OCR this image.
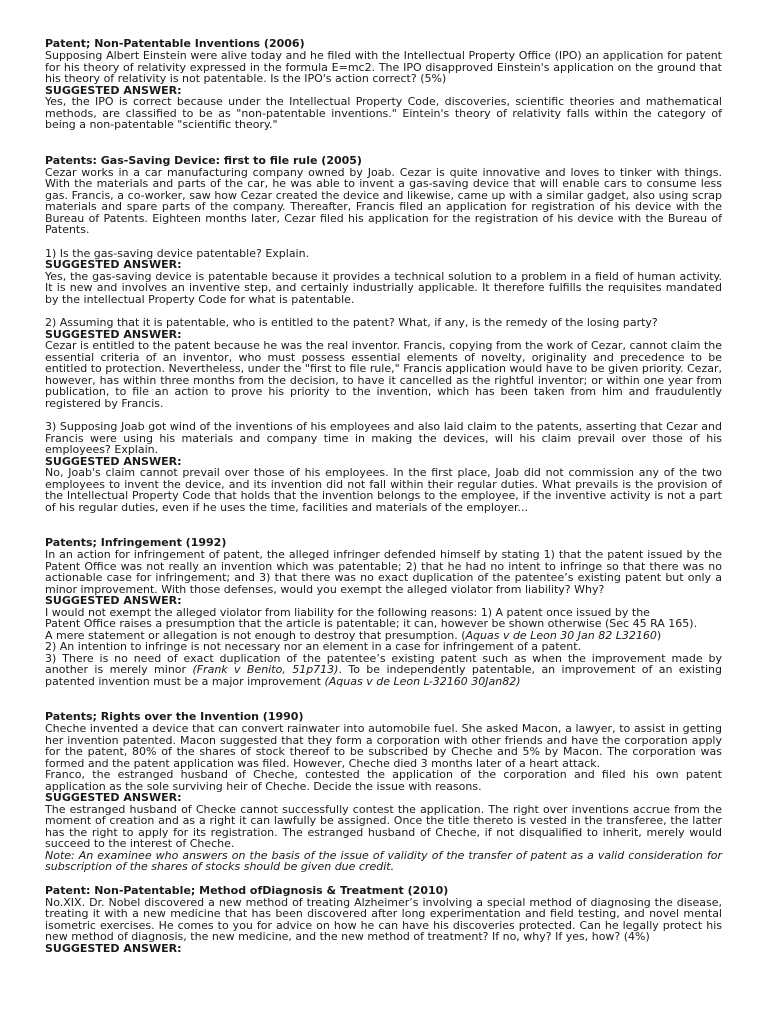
Patent; Non-Patentable Inventions (2006)

Supposing Albert Einstein were alive today and he filed with the Intellectual Property Office (IPO) an application for patent for his theory of relativity expressed in the formula E=mc2. The IPO disapproved Einstein's application on the ground that his theory of relativity is not patentable. Is the IPO's action correct? (5%)

SUGGESTED ANSWER:

Yes, the IPO is correct because under the Intellectual Property Code, discoveries, scientific theories and mathematical methods, are classified to be as "non-patentable inventions." Eintein's theory of relativity falls within the category of being a non-patentable "scientific theory."

Patents: Gas-Saving Device: first to file rule (2005)

Cezar works in a car manufacturing company owned by Joab. Cezar is quite innovative and loves to tinker with things. With the materials and parts of the car, he was able to invent a gas-saving device that will enable cars to consume less gas. Francis, a co-worker, saw how Cezar created the device and likewise, came up with a similar gadget, also using scrap materials and spare parts of the company. Thereafter, Francis filed an application for registration of his device with the Bureau of Patents. Eighteen months later, Cezar filed his application for the registration of his device with the Bureau of Patents.

1) Is the gas-saving device patentable? Explain.

SUGGESTED ANSWER:

Yes, the gas-saving device is patentable because it provides a technical solution to a problem in a field of human activity. It is new and involves an inventive step, and certainly industrially applicable. It therefore fulfills the requisites mandated by the intellectual Property Code for what is patentable.

2) Assuming that it is patentable, who is entitled to the patent? What, if any, is the remedy of the losing party?

SUGGESTED ANSWER:

Cezar is entitled to the patent because he was the real inventor. Francis, copying from the work of Cezar, cannot claim the essential criteria of an inventor, who must possess essential elements of novelty, originality and precedence to be entitled to protection. Nevertheless, under the "first to file rule," Francis application would have to be given priority. Cezar, however, has within three months from the decision, to have it cancelled as the rightful inventor; or within one year from publication, to file an action to prove his priority to the invention, which has been taken from him and fraudulently registered by Francis.

3) Supposing Joab got wind of the inventions of his employees and also laid claim to the patents, asserting that Cezar and Francis were using his materials and company time in making the devices, will his claim prevail over those of his employees? Explain.

SUGGESTED ANSWER:

No, Joab's claim cannot prevail over those of his employees. In the first place, Joab did not commission any of the two employees to invent the device, and its invention did not fall within their regular duties. What prevails is the provision of the Intellectual Property Code that holds that the invention belongs to the employee, if the inventive activity is not a part of his regular duties, even if he uses the time, facilities and materials of the employer...

Patents; Infringement (1992)

In an action for infringement of patent, the alleged infringer defended himself by stating 1) that the patent issued by the Patent Office was not really an invention which was patentable; 2) that he had no intent to infringe so that there was no actionable case for infringement; and 3) that there was no exact duplication of the patentee’s existing patent but only a minor improvement. With those defenses, would you exempt the alleged violator from liability? Why?

SUGGESTED ANSWER:

I would not exempt the alleged violator from liability for the following reasons: 1) A patent once issued by the

Patent Office raises a presumption that the article is patentable; it can, however be shown otherwise (Sec 45 RA 165).

A mere statement or allegation is not enough to destroy that presumption. (Aquas v de Leon 30 Jan 82 L32160)

2) An intention to infringe is not necessary nor an element in a case for infringement of a patent.

3) There is no need of exact duplication of the patentee’s existing patent such as when the improvement made by another is merely minor (Frank v Benito, 51p713). To be independently patentable, an improvement of an existing patented invention must be a major improvement (Aquas v de Leon L-32160 30Jan82)

Patents; Rights over the Invention (1990)

Cheche invented a device that can convert rainwater into automobile fuel. She asked Macon, a lawyer, to assist in getting her invention patented. Macon suggested that they form a corporation with other friends and have the corporation apply for the patent, 80% of the shares of stock thereof to be subscribed by Cheche and 5% by Macon. The corporation was formed and the patent application was filed. However, Cheche died 3 months later of a heart attack.

Franco, the estranged husband of Cheche, contested the application of the corporation and filed his own patent application as the sole surviving heir of Cheche. Decide the issue with reasons.

SUGGESTED ANSWER:

The estranged husband of Checke cannot successfully contest the application. The right over inventions accrue from the moment of creation and as a right it can lawfully be assigned. Once the title thereto is vested in the transferee, the latter has the right to apply for its registration. The estranged husband of Cheche, if not disqualified to inherit, merely would succeed to the interest of Cheche.

Note: An examinee who answers on the basis of the issue of validity of the transfer of patent as a valid consideration for subscription of the shares of stocks should be given due credit.

Patent: Non-Patentable; Method ofDiagnosis & Treatment (2010)

No.XIX. Dr. Nobel discovered a new method of treating Alzheimer’s involving a special method of diagnosing the disease, treating it with a new medicine that has been discovered after long experimentation and field testing, and novel mental isometric exercises. He comes to you for advice on how he can have his discoveries protected. Can he legally protect his new method of diagnosis, the new medicine, and the new method of treatment? If no, why? If yes, how? (4%)

SUGGESTED ANSWER:
